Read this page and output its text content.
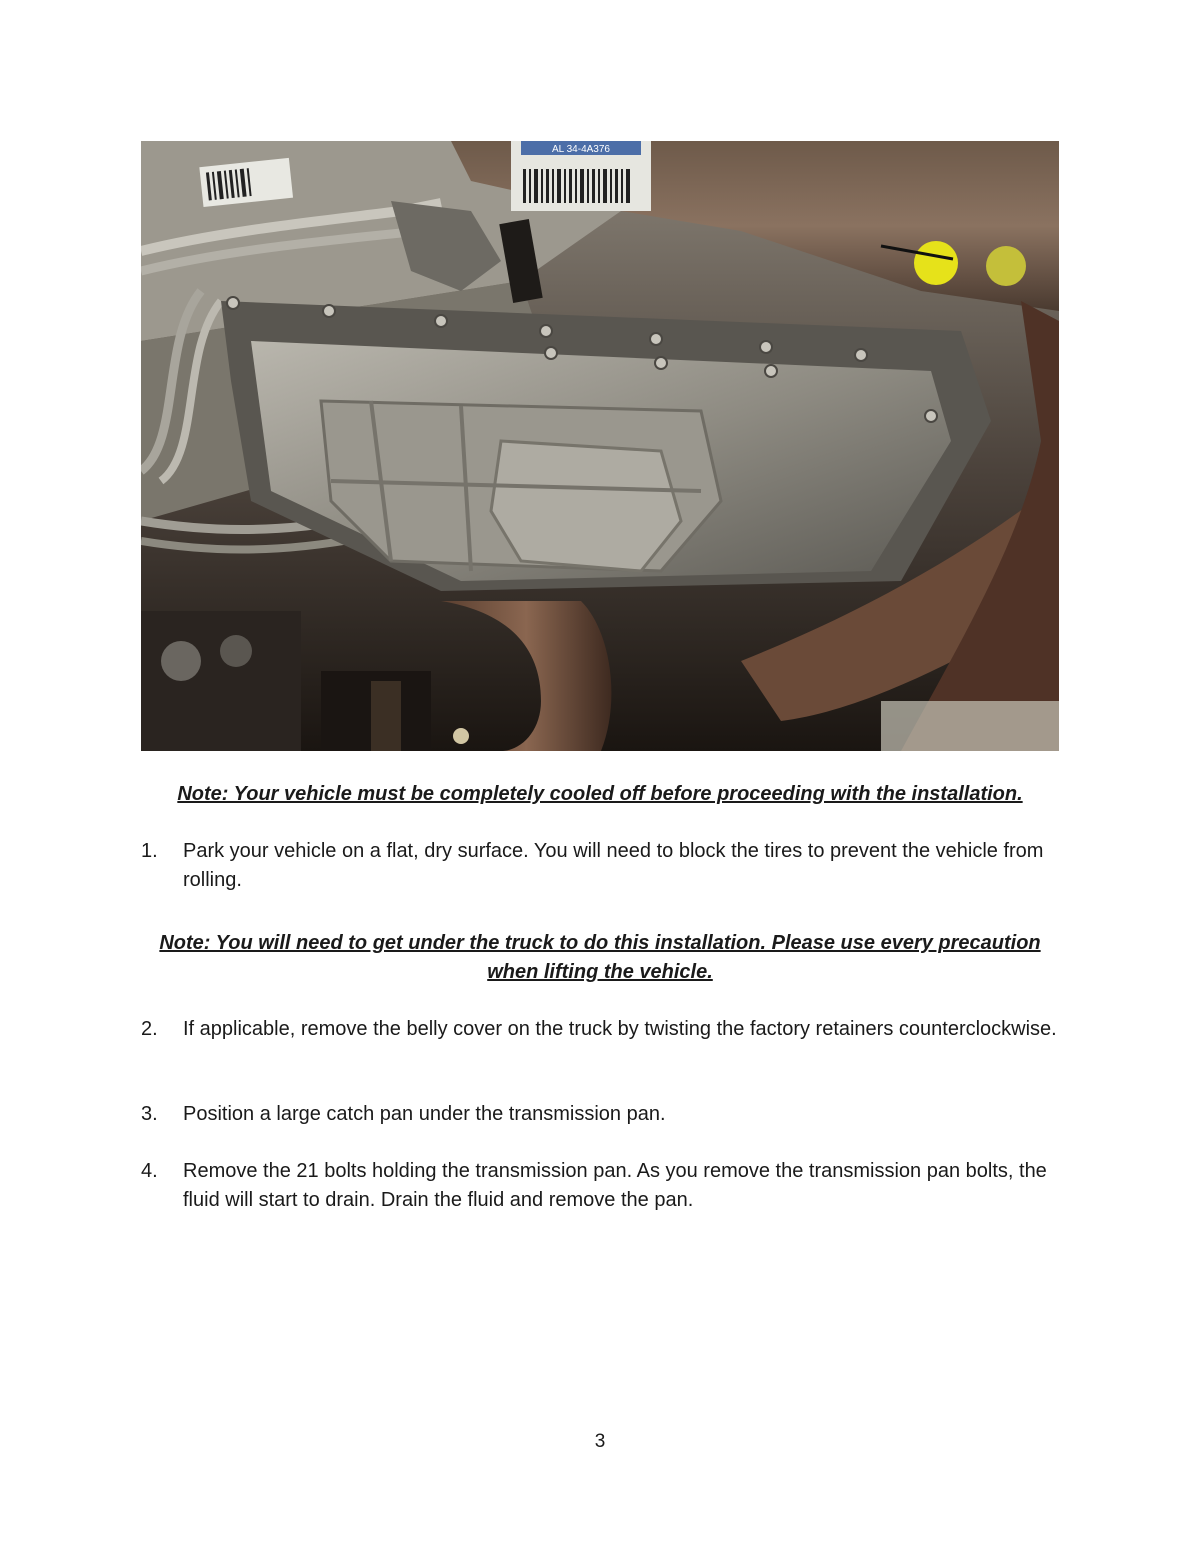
AL 34-4A376
Note: Your vehicle must be completely cooled off before proceeding with the installation.
1.	Park your vehicle on a flat, dry surface. You will need to block the tires to prevent the vehicle from rolling.
Note: You will need to get under the truck to do this installation. Please use every precaution when lifting the vehicle.
2.	If applicable, remove the belly cover on the truck by twisting the factory retainers counterclockwise.
3.	Position a large catch pan under the transmission pan.
4.	Remove the 21 bolts holding the transmission pan. As you remove the transmission pan bolts, the fluid will start to drain. Drain the fluid and remove the pan.
3
